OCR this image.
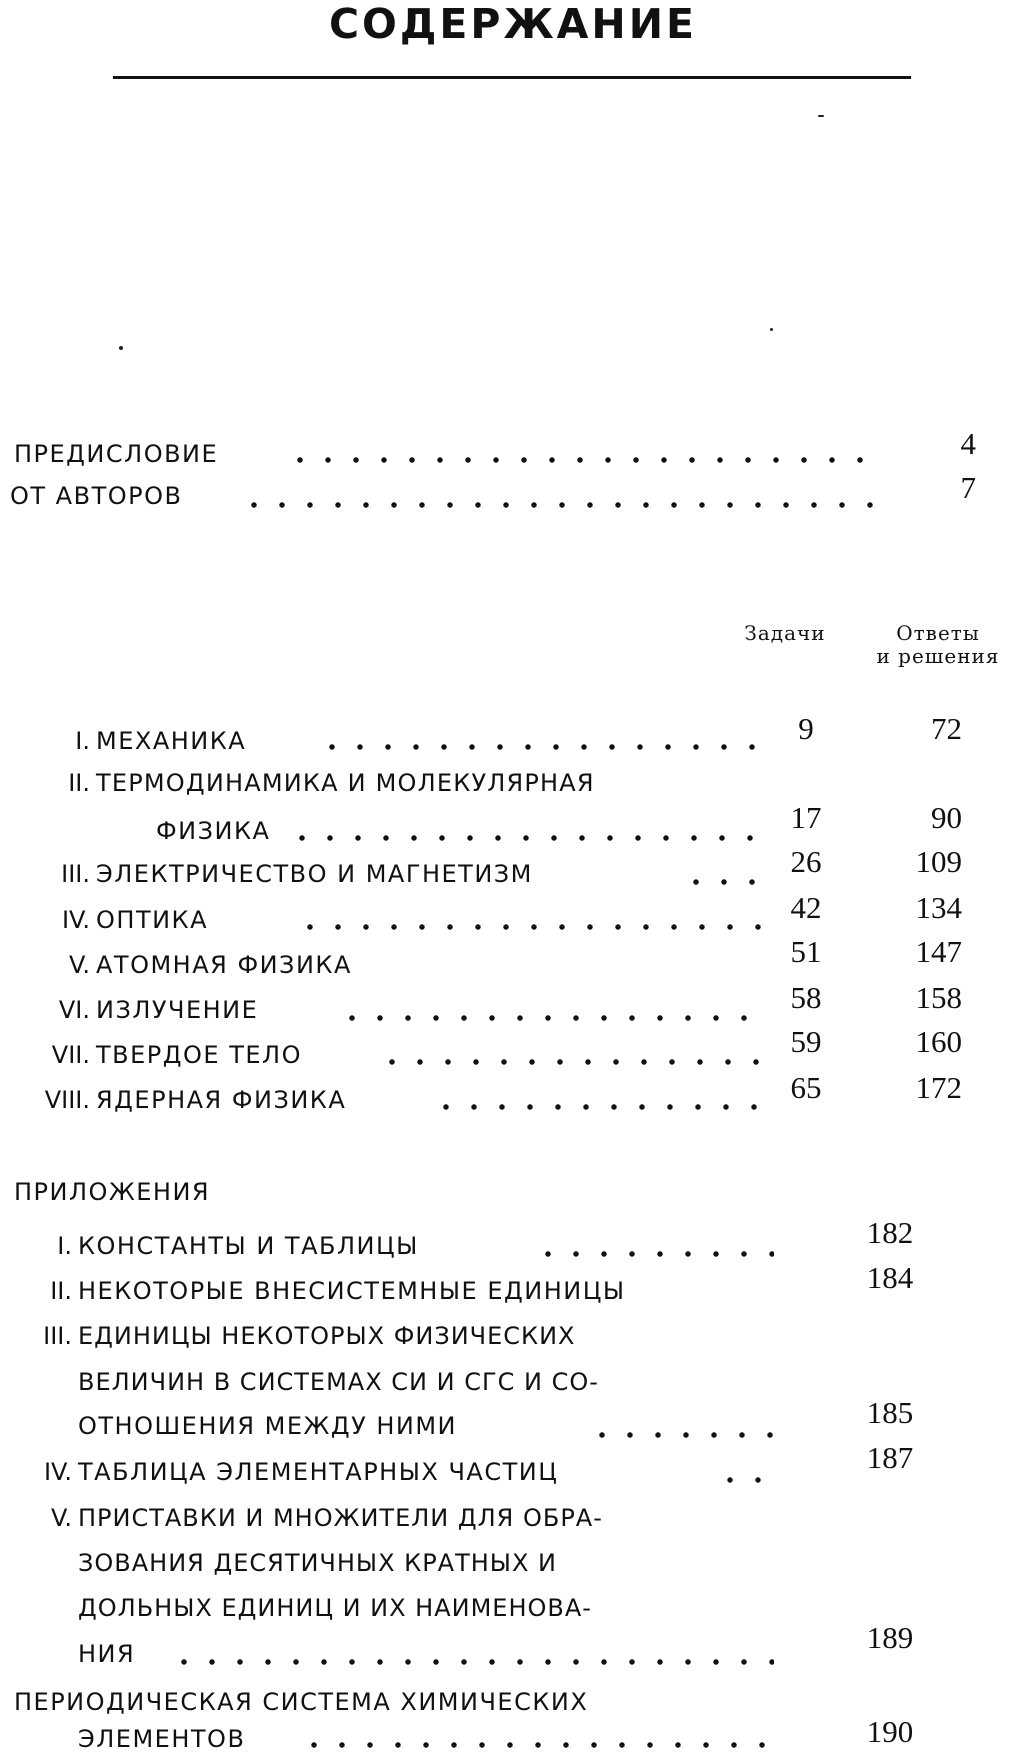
СОДЕРЖАНИЕ
ПРЕДИСЛОВИЕ	4
ОТ АВТОРОВ	7
Задачи	Ответы
и решения
I. МЕХАНИКА	9	72
II. ТЕРМОДИНАМИКА И МОЛЕКУЛЯРНАЯ
ФИЗИКА	17	90
III. ЭЛЕКТРИЧЕСТВО И МАГНЕТИЗМ	26	109
IV. ОПТИКА	42	134
V. АТОМНАЯ ФИЗИКА	51	147
VI. ИЗЛУЧЕНИЕ	58	158
VII. ТВЕРДОЕ ТЕЛО	59	160
VIII. ЯДЕРНАЯ ФИЗИКА	65	172
ПРИЛОЖЕНИЯ
I. КОНСТАНТЫ И ТАБЛИЦЫ	182
II. НЕКОТОРЫЕ ВНЕСИСТЕМНЫЕ ЕДИНИЦЫ	184
III. ЕДИНИЦЫ НЕКОТОРЫХ ФИЗИЧЕСКИХ
ВЕЛИЧИН В СИСТЕМАХ СИ И СГС И СО-
ОТНОШЕНИЯ МЕЖДУ НИМИ	185
IV. ТАБЛИЦА ЭЛЕМЕНТАРНЫХ ЧАСТИЦ	187
V. ПРИСТАВКИ И МНОЖИТЕЛИ ДЛЯ ОБРА-
ЗОВАНИЯ ДЕСЯТИЧНЫХ КРАТНЫХ И
ДОЛЬНЫХ ЕДИНИЦ И ИХ НАИМЕНОВА-
НИЯ	189
ПЕРИОДИЧЕСКАЯ СИСТЕМА ХИМИЧЕСКИХ
ЭЛЕМЕНТОВ	190
